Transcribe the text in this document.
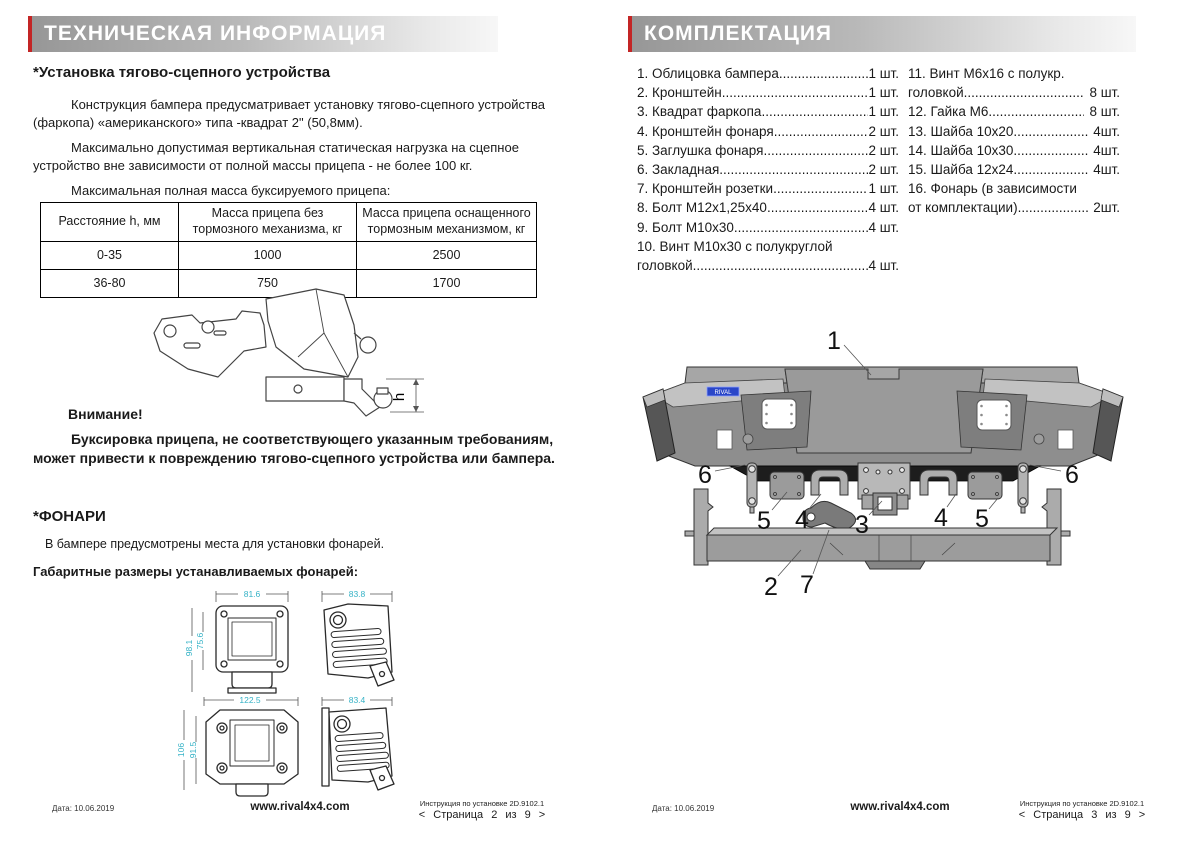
ТЕХНИЧЕСКАЯ ИНФОРМАЦИЯ
*Установка тягово-сцепного устройства
Конструкция бампера предусматривает установку тягово-сцепного устройства (фаркопа) «американского» типа -квадрат 2" (50,8мм).
Максимально допустимая вертикальная статическая нагрузка на сцепное устройство вне зависимости от полной массы прицепа - не более 100 кг.
Максимальная полная масса буксируемого прицепа:
Расстояние h, мм	Масса прицепа без тормозного механизма, кг	Масса прицепа оснащенного тормозным механизмом, кг
0-35	1000	2500
36-80	750	1700
h
Внимание!
Буксировка прицепа, не соответствующего указанным требованиям, может привести к повреждению тягово-сцепного устройства или бампера.
*ФОНАРИ
В бампере предусмотрены места для установки фонарей.
Габаритные размеры устанавливаемых фонарей:
81.6
98.1 75.6
83.8
122.5
106 91.5
83.4
Дата: 10.06.2019	www.rival4x4.com	Инструкция по установке 2D.9102.1
< Страница 2 из 9 >
КОМПЛЕКТАЦИЯ
1. Облицовка бампера .....	1 шт.
2. Кронштейн .....	1 шт.
3. Квадрат фаркопа .....	1 шт.
4. Кронштейн фонаря .....	2 шт.
5. Заглушка фонаря .....	2 шт.
6. Закладная .....	2 шт.
7. Кронштейн розетки .....	1 шт.
8. Болт М12х1,25х40 .....	4 шт.
9. Болт М10х30 .....	4 шт.
10. Винт М10х30 с полукруглой
головкой .....	4 шт.
11. Винт М6х16 с полукр.
головкой .....	8 шт.
12. Гайка М6 .....	8 шт.
13. Шайба 10х20 .....	4шт.
14. Шайба 10х30 .....	4шт.
15. Шайба 12х24 .....	4шт.
16. Фонарь (в зависимости
от комплектации) .....	2шт.
RIVAL
1
6	6
5 4 3	4 5
2 7
Дата: 10.06.2019	www.rival4x4.com	Инструкция по установке 2D.9102.1
< Страница 3 из 9 >
